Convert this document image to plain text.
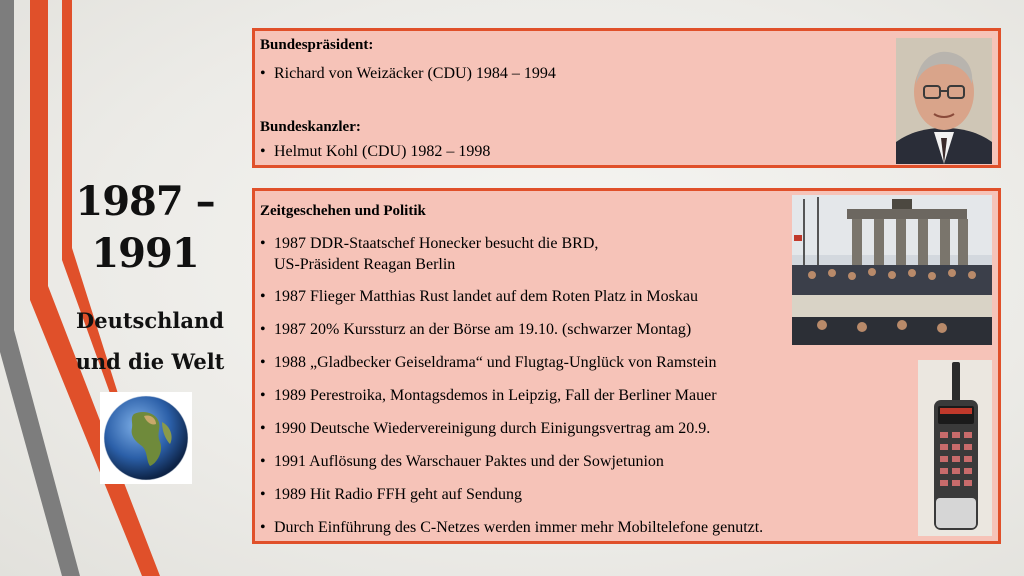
1987 –
1991
Deutschland
und die Welt
Bundespräsident:
• Richard von Weizäcker (CDU) 1984 – 1994
Bundeskanzler:
• Helmut Kohl (CDU) 1982 – 1998
Zeitgeschehen und Politik
• 1987 DDR-Staatschef Honecker besucht die BRD,
US-Präsident Reagan Berlin
• 1987 Flieger Matthias Rust landet auf dem Roten Platz in Moskau
• 1987 20% Kurssturz an der Börse am 19.10. (schwarzer Montag)
• 1988 „Gladbecker Geiseldrama“ und Flugtag-Unglück von Ramstein
• 1989 Perestroika, Montagsdemos in Leipzig, Fall der Berliner Mauer
• 1990 Deutsche Wiedervereinigung durch Einigungsvertrag am 20.9.
• 1991 Auflösung des Warschauer Paktes und der Sowjetunion
• 1989 Hit Radio FFH geht auf Sendung
• Durch Einführung des C-Netzes werden immer mehr Mobiltelefone genutzt.
